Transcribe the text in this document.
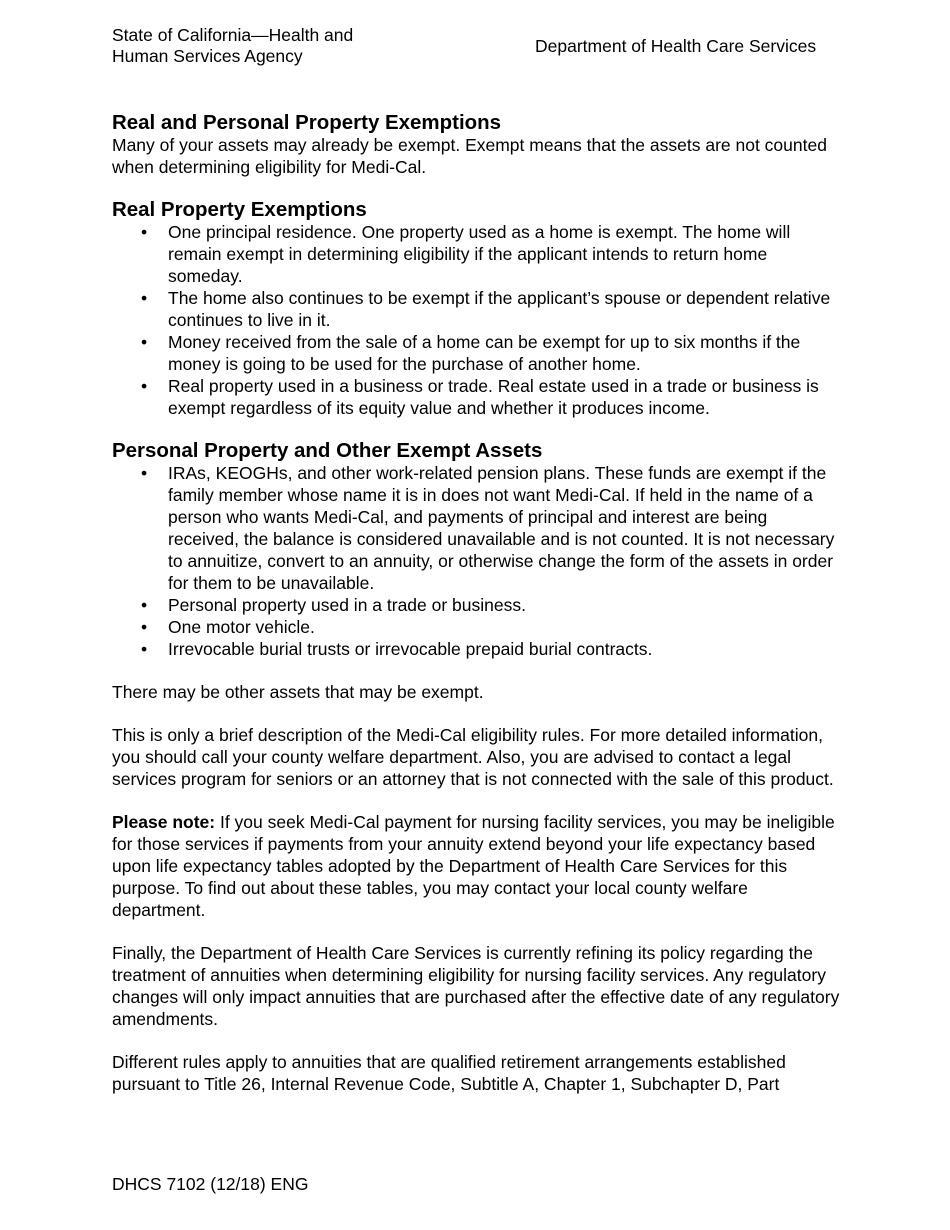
State of California—Health and
Human Services Agency	Department of Health Care Services
Real and Personal Property Exemptions

Many of your assets may already be exempt. Exempt means that the assets are not counted when determining eligibility for Medi-Cal.

Real Property Exemptions
• One principal residence. One property used as a home is exempt. The home will remain exempt in determining eligibility if the applicant intends to return home someday.
• The home also continues to be exempt if the applicant’s spouse or dependent relative continues to live in it.
• Money received from the sale of a home can be exempt for up to six months if the money is going to be used for the purchase of another home.
• Real property used in a business or trade. Real estate used in a trade or business is exempt regardless of its equity value and whether it produces income.
Personal Property and Other Exempt Assets
• IRAs, KEOGHs, and other work-related pension plans. These funds are exempt if the family member whose name it is in does not want Medi-Cal. If held in the name of a person who wants Medi-Cal, and payments of principal and interest are being received, the balance is considered unavailable and is not counted. It is not necessary to annuitize, convert to an annuity, or otherwise change the form of the assets in order for them to be unavailable.
• Personal property used in a trade or business.
• One motor vehicle.
• Irrevocable burial trusts or irrevocable prepaid burial contracts.

There may be other assets that may be exempt.

This is only a brief description of the Medi-Cal eligibility rules. For more detailed information, you should call your county welfare department. Also, you are advised to contact a legal services program for seniors or an attorney that is not connected with the sale of this product.

Please note: If you seek Medi-Cal payment for nursing facility services, you may be ineligible for those services if payments from your annuity extend beyond your life expectancy based upon life expectancy tables adopted by the Department of Health Care Services for this purpose. To find out about these tables, you may contact your local county welfare department.

Finally, the Department of Health Care Services is currently refining its policy regarding the treatment of annuities when determining eligibility for nursing facility services. Any regulatory changes will only impact annuities that are purchased after the effective date of any regulatory amendments.

Different rules apply to annuities that are qualified retirement arrangements established pursuant to Title 26, Internal Revenue Code, Subtitle A, Chapter 1, Subchapter D, Part

DHCS 7102 (12/18) ENG
